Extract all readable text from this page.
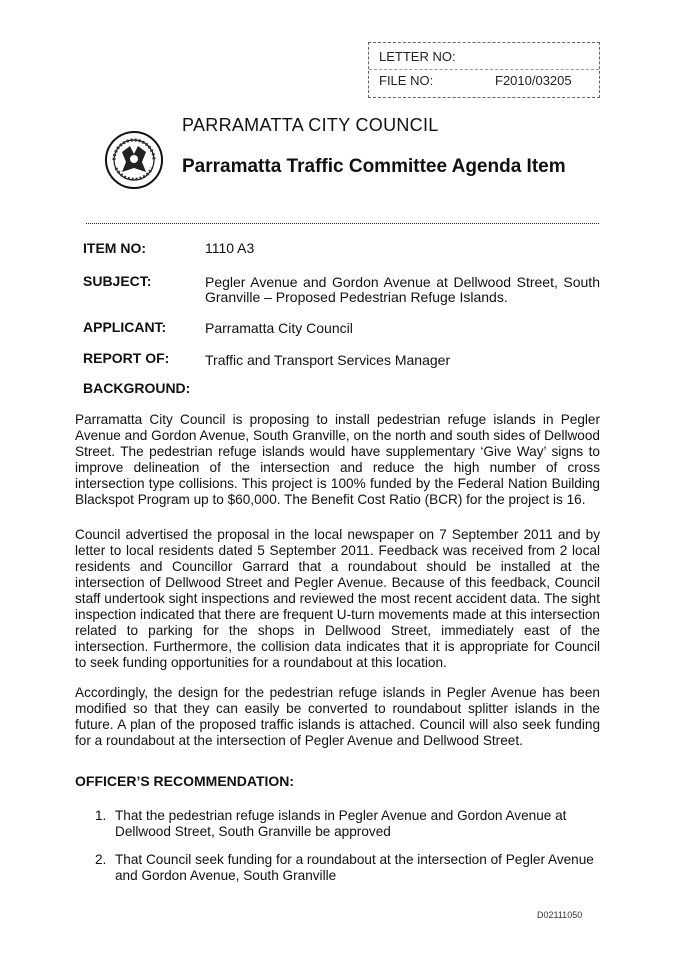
LETTER NO:
FILE NO:	F2010/03205
PARRAMATTA CITY COUNCIL
Parramatta Traffic Committee Agenda Item
ITEM NO:	1110 A3
SUBJECT:	Pegler Avenue and Gordon Avenue at Dellwood Street, South Granville – Proposed Pedestrian Refuge Islands.
APPLICANT:	Parramatta City Council
REPORT OF:	Traffic and Transport Services Manager
BACKGROUND:
Parramatta City Council is proposing to install pedestrian refuge islands in Pegler Avenue and Gordon Avenue, South Granville, on the north and south sides of Dellwood Street. The pedestrian refuge islands would have supplementary ‘Give Way’ signs to improve delineation of the intersection and reduce the high number of cross intersection type collisions. This project is 100% funded by the Federal Nation Building Blackspot Program up to $60,000. The Benefit Cost Ratio (BCR) for the project is 16.
Council advertised the proposal in the local newspaper on 7 September 2011 and by letter to local residents dated 5 September 2011. Feedback was received from 2 local residents and Councillor Garrard that a roundabout should be installed at the intersection of Dellwood Street and Pegler Avenue. Because of this feedback, Council staff undertook sight inspections and reviewed the most recent accident data. The sight inspection indicated that there are frequent U-turn movements made at this intersection related to parking for the shops in Dellwood Street, immediately east of the intersection. Furthermore, the collision data indicates that it is appropriate for Council to seek funding opportunities for a roundabout at this location.
Accordingly, the design for the pedestrian refuge islands in Pegler Avenue has been modified so that they can easily be converted to roundabout splitter islands in the future. A plan of the proposed traffic islands is attached. Council will also seek funding for a roundabout at the intersection of Pegler Avenue and Dellwood Street.
OFFICER’S RECOMMENDATION:
1. That the pedestrian refuge islands in Pegler Avenue and Gordon Avenue at Dellwood Street, South Granville be approved
2. That Council seek funding for a roundabout at the intersection of Pegler Avenue and Gordon Avenue, South Granville
D02111050
